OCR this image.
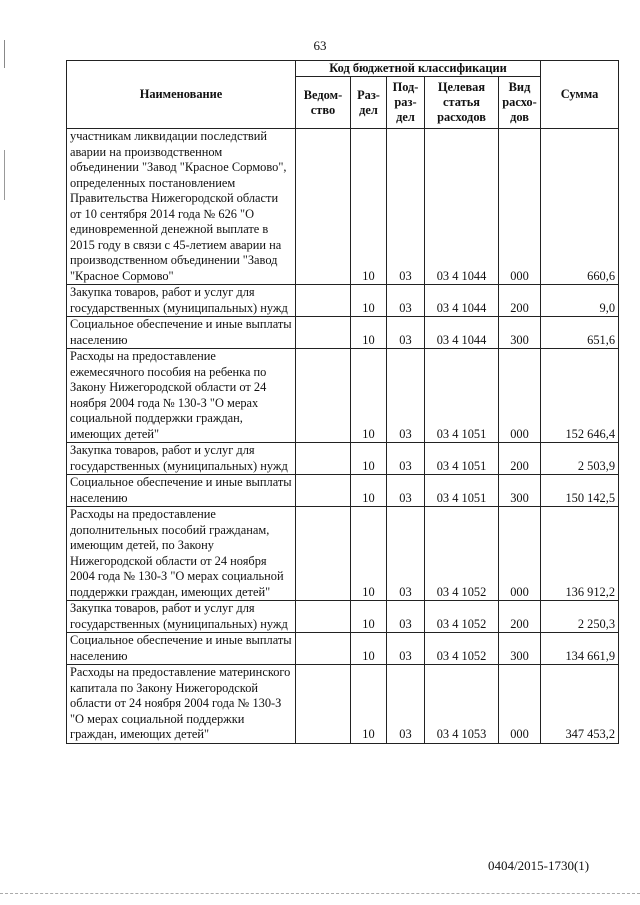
63
Наименование	Код бюджетной классификации					Сумма
	Ведом-ство	Раз-дел	Под-раз-дел	Целевая статья расходов	Вид расхо-дов	
участникам ликвидации последствий аварии на производственном объединении "Завод "Красное Сормово", определенных постановлением Правительства Нижегородской области от 10 сентября 2014 года № 626 "О единовременной денежной выплате в 2015 году в связи с 45-летием аварии на производственном объединении "Завод "Красное Сормово"		10	03	03 4 1044	000	660,6
Закупка товаров, работ и услуг для государственных (муниципальных) нужд		10	03	03 4 1044	200	9,0
Социальное обеспечение и иные выплаты населению		10	03	03 4 1044	300	651,6
Расходы на предоставление ежемесячного пособия на ребенка по Закону Нижегородской области от 24 ноября 2004 года № 130-З "О мерах социальной поддержки граждан, имеющих детей"		10	03	03 4 1051	000	152 646,4
Закупка товаров, работ и услуг для государственных (муниципальных) нужд		10	03	03 4 1051	200	2 503,9
Социальное обеспечение и иные выплаты населению		10	03	03 4 1051	300	150 142,5
Расходы на предоставление дополнительных пособий гражданам, имеющим детей, по Закону Нижегородской области от 24 ноября 2004 года № 130-З "О мерах социальной поддержки граждан, имеющих детей"		10	03	03 4 1052	000	136 912,2
Закупка товаров, работ и услуг для государственных (муниципальных) нужд		10	03	03 4 1052	200	2 250,3
Социальное обеспечение и иные выплаты населению		10	03	03 4 1052	300	134 661,9
Расходы на предоставление материнского капитала по Закону Нижегородской области от 24 ноября 2004 года № 130-З "О мерах социальной поддержки граждан, имеющих детей"		10	03	03 4 1053	000	347 453,2
0404/2015-1730(1)
